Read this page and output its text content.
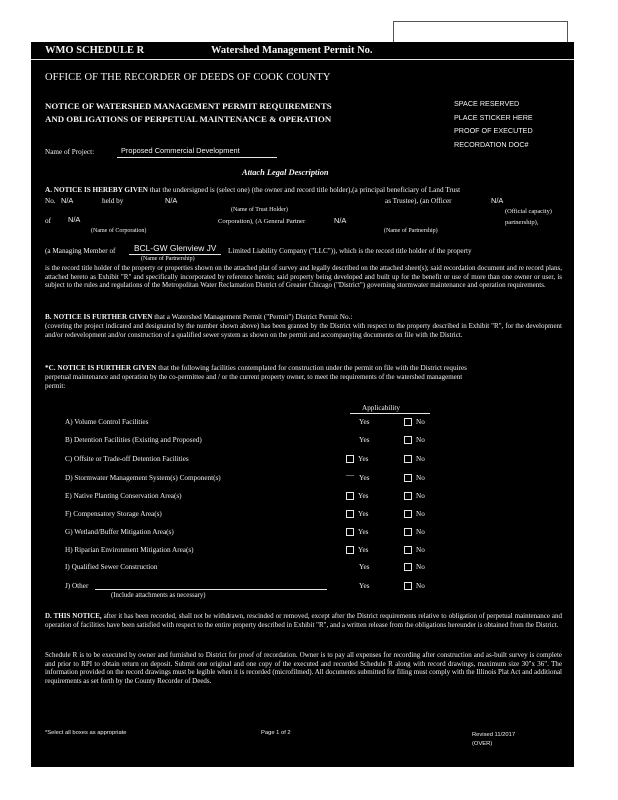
WMO SCHEDULE R	Watershed Management Permit No.
OFFICE OF THE RECORDER OF DEEDS OF COOK COUNTY
NOTICE OF WATERSHED MANAGEMENT PERMIT REQUIREMENTS
AND OBLIGATIONS OF PERPETUAL MAINTENANCE & OPERATION
SPACE RESERVED
PLACE STICKER HERE
PROOF OF EXECUTED
RECORDATION DOC#
Name of Project:	Proposed Commercial Development
Attach Legal Description
A. NOTICE IS HEREBY GIVEN that the undersigned is (select one) (the owner and record title holder),(a principal beneficiary of Land Trust
No. N/A	held by	N/A	as Trustee), (an Officer	N/A
(Name of Trust Holder)	(Official capacity)
of N/A	Corporation), (A General Partner	N/A	partnership),
(Name of Corporation)	(Name of Partnership)
(a Managing Member of BCL-GW Glenview JV Limited Liability Company ("LLC")), which is the record title holder of the property
(Name of Partnership)
is the record title holder of the property or properties shown on the attached plat of survey and legally described on the attached sheet(s); said recordation document and re record plans, attached hereto as Exhibit "R" and specifically incorporated by reference herein; said property being developed and built up for the benefit or use of more than one owner or user, is subject to the rules and regulations of the Metropolitan Water Reclamation District of Greater Chicago ("District") governing stormwater maintenance and operation requirements.
B. NOTICE IS FURTHER GIVEN that a Watershed Management Permit ("Permit") District Permit No.:
(covering the project indicated and designated by the number shown above) has been granted by the District with respect to the property described in Exhibit "R", for the development and/or redevelopment and/or construction of a qualified sewer system as shown on the permit and accompanying documents on file with the District.
*C. NOTICE IS FURTHER GIVEN that the following facilities contemplated for construction under the permit on file with the District requires
perpetual maintenance and operation by the co-permittee and / or the current property owner, to meet the requirements of the watershed management
permit:
Applicability
A) Volume Control Facilities	Yes	No
B) Detention Facilities (Existing and Proposed)	Yes	No
C) Offsite or Trade-off Detention Facilities	Yes	No
D) Stormwater Management System(s) Component(s)	— Yes	No
E) Native Planting Conservation Area(s)	Yes	No
F) Compensatory Storage Area(s)	Yes	No
G) Wetland/Buffer Mitigation Area(s)	Yes	No
H) Riparian Environment Mitigation Area(s)	Yes	No
I) Qualified Sewer Construction	Yes	No
J) Other	Yes	No
(Include attachments as necessary)
D. THIS NOTICE, after it has been recorded, shall not be withdrawn, rescinded or removed, except after the District requirements relative to obligation of perpetual maintenance and operation of facilities have been satisfied with respect to the entire property described in Exhibit "R", and a written release from the obligations hereunder is obtained from the District.
Schedule R is to be executed by owner and furnished to District for proof of recordation. Owner is to pay all expenses for recording after construction and as-built survey is complete and prior to RPI to obtain return on deposit. Submit one original and one copy of the executed and recorded Schedule R along with record drawings, maximum size 30"x 36". The information provided on the record drawings must be legible when it is recorded (microfilmed). All documents submitted for filing must comply with the Illinois Plat Act and additional requirements as set forth by the County Recorder of Deeds.
*Select all boxes as appropriate	Page 1 of 2	Revised 11/2017
(OVER)
